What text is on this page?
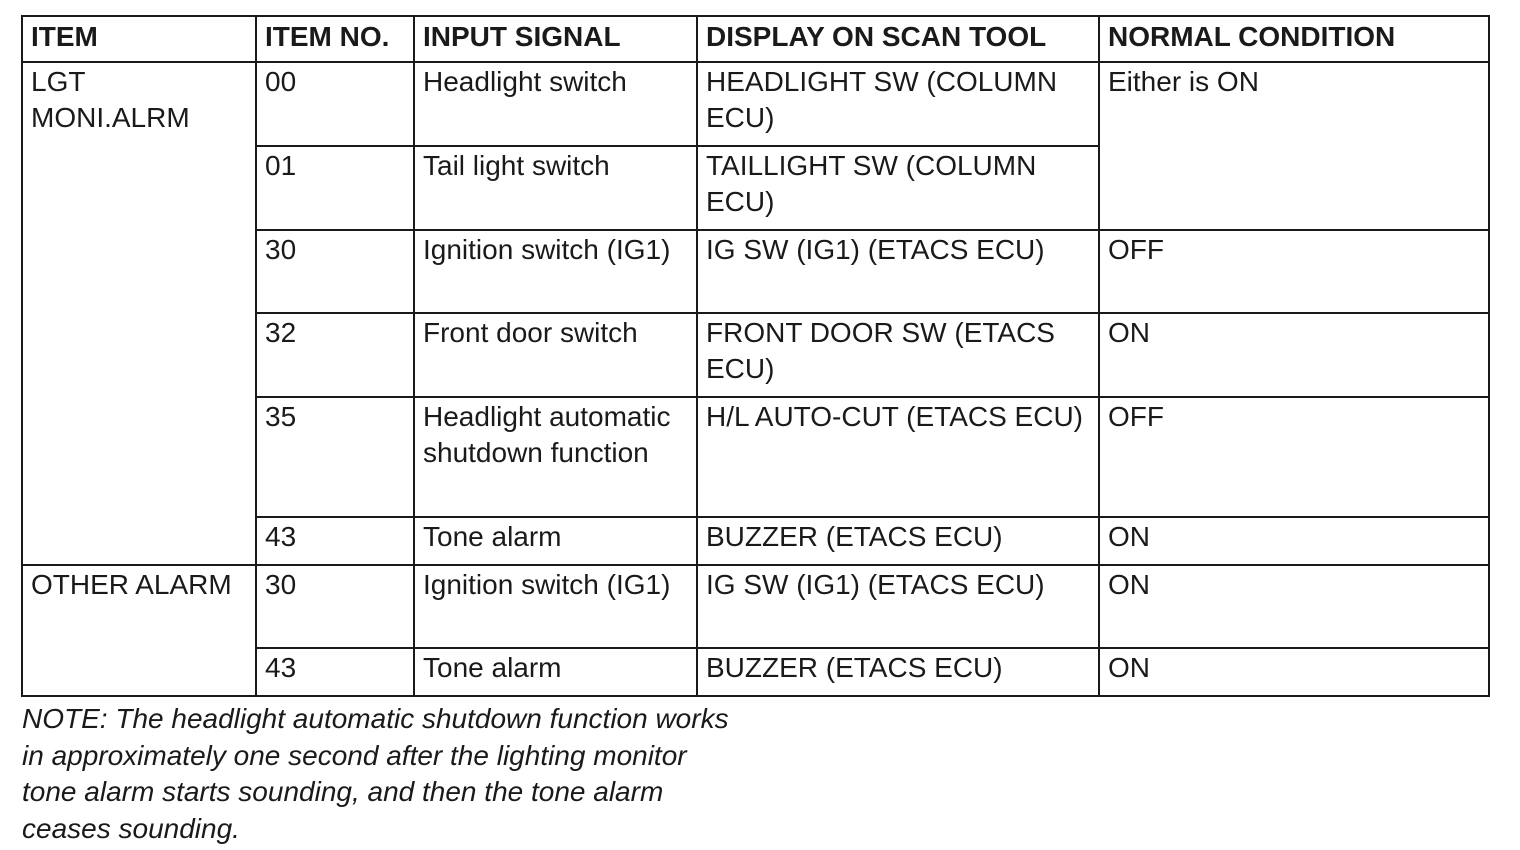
ITEM	ITEM NO.	INPUT SIGNAL	DISPLAY ON SCAN TOOL	NORMAL CONDITION
LGT MONI.ALRM	00	Headlight switch	HEADLIGHT SW (COLUMN ECU)	Either is ON
	01	Tail light switch	TAILLIGHT SW (COLUMN ECU)	
	30	Ignition switch (IG1)	IG SW (IG1) (ETACS ECU)	OFF
	32	Front door switch	FRONT DOOR SW (ETACS ECU)	ON
	35	Headlight automatic shutdown function	H/L AUTO-CUT (ETACS ECU)	OFF
	43	Tone alarm	BUZZER (ETACS ECU)	ON
OTHER ALARM	30	Ignition switch (IG1)	IG SW (IG1) (ETACS ECU)	ON
	43	Tone alarm	BUZZER (ETACS ECU)	ON

NOTE: The headlight automatic shutdown function works in approximately one second after the lighting monitor tone alarm starts sounding, and then the tone alarm ceases sounding.
